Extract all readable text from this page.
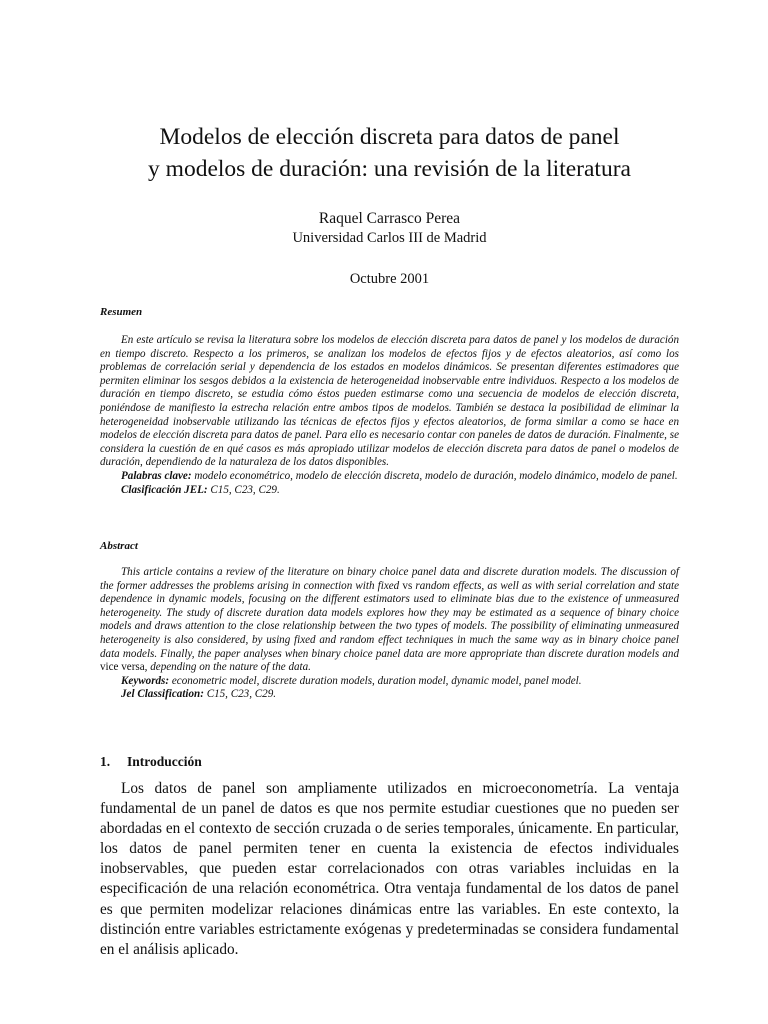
Modelos de elección discreta para datos de panel
y modelos de duración: una revisión de la literatura
Raquel Carrasco Perea
Universidad Carlos III de Madrid
Octubre 2001
Resumen

En este artículo se revisa la literatura sobre los modelos de elección discreta para datos de panel y los modelos de duración en tiempo discreto. Respecto a los primeros, se analizan los modelos de efectos fijos y de efectos aleatorios, así como los problemas de correlación serial y dependencia de los estados en modelos dinámicos. Se presentan diferentes estimadores que permiten eliminar los sesgos debidos a la existencia de heterogeneidad inobservable entre individuos. Respecto a los modelos de duración en tiempo discreto, se estudia cómo éstos pueden estimarse como una secuencia de modelos de elección discreta, poniéndose de manifiesto la estrecha relación entre ambos tipos de modelos. También se destaca la posibilidad de eliminar la heterogeneidad inobservable utilizando las técnicas de efectos fijos y efectos aleatorios, de forma similar a como se hace en modelos de elección discreta para datos de panel. Para ello es necesario contar con paneles de datos de duración. Finalmente, se considera la cuestión de en qué casos es más apropiado utilizar modelos de elección discreta para datos de panel o modelos de duración, dependiendo de la naturaleza de los datos disponibles.

Palabras clave: modelo econométrico, modelo de elección discreta, modelo de duración, modelo dinámico, modelo de panel.

Clasificación JEL: C15, C23, C29.

Abstract

This article contains a review of the literature on binary choice panel data and discrete duration models. The discussion of the former addresses the problems arising in connection with fixed vs random effects, as well as with serial correlation and state dependence in dynamic models, focusing on the different estimators used to eliminate bias due to the existence of unmeasured heterogeneity. The study of discrete duration data models explores how they may be estimated as a sequence of binary choice models and draws attention to the close relationship between the two types of models. The possibility of eliminating unmeasured heterogeneity is also considered, by using fixed and random effect techniques in much the same way as in binary choice panel data models. Finally, the paper analyses when binary choice panel data are more appropriate than discrete duration models and vice versa, depending on the nature of the data.

Keywords: econometric model, discrete duration models, duration model, dynamic model, panel model.

Jel Classification: C15, C23, C29.

1. Introducción

Los datos de panel son ampliamente utilizados en microeconometría. La ventaja fundamental de un panel de datos es que nos permite estudiar cuestiones que no pueden ser abordadas en el contexto de sección cruzada o de series temporales, únicamente. En particular, los datos de panel permiten tener en cuenta la existencia de efectos individuales inobservables, que pueden estar correlacionados con otras variables incluidas en la especificación de una relación econométrica. Otra ventaja fundamental de los datos de panel es que permiten modelizar relaciones dinámicas entre las variables. En este contexto, la distinción entre variables estrictamente exógenas y predeterminadas se considera fundamental en el análisis aplicado.
